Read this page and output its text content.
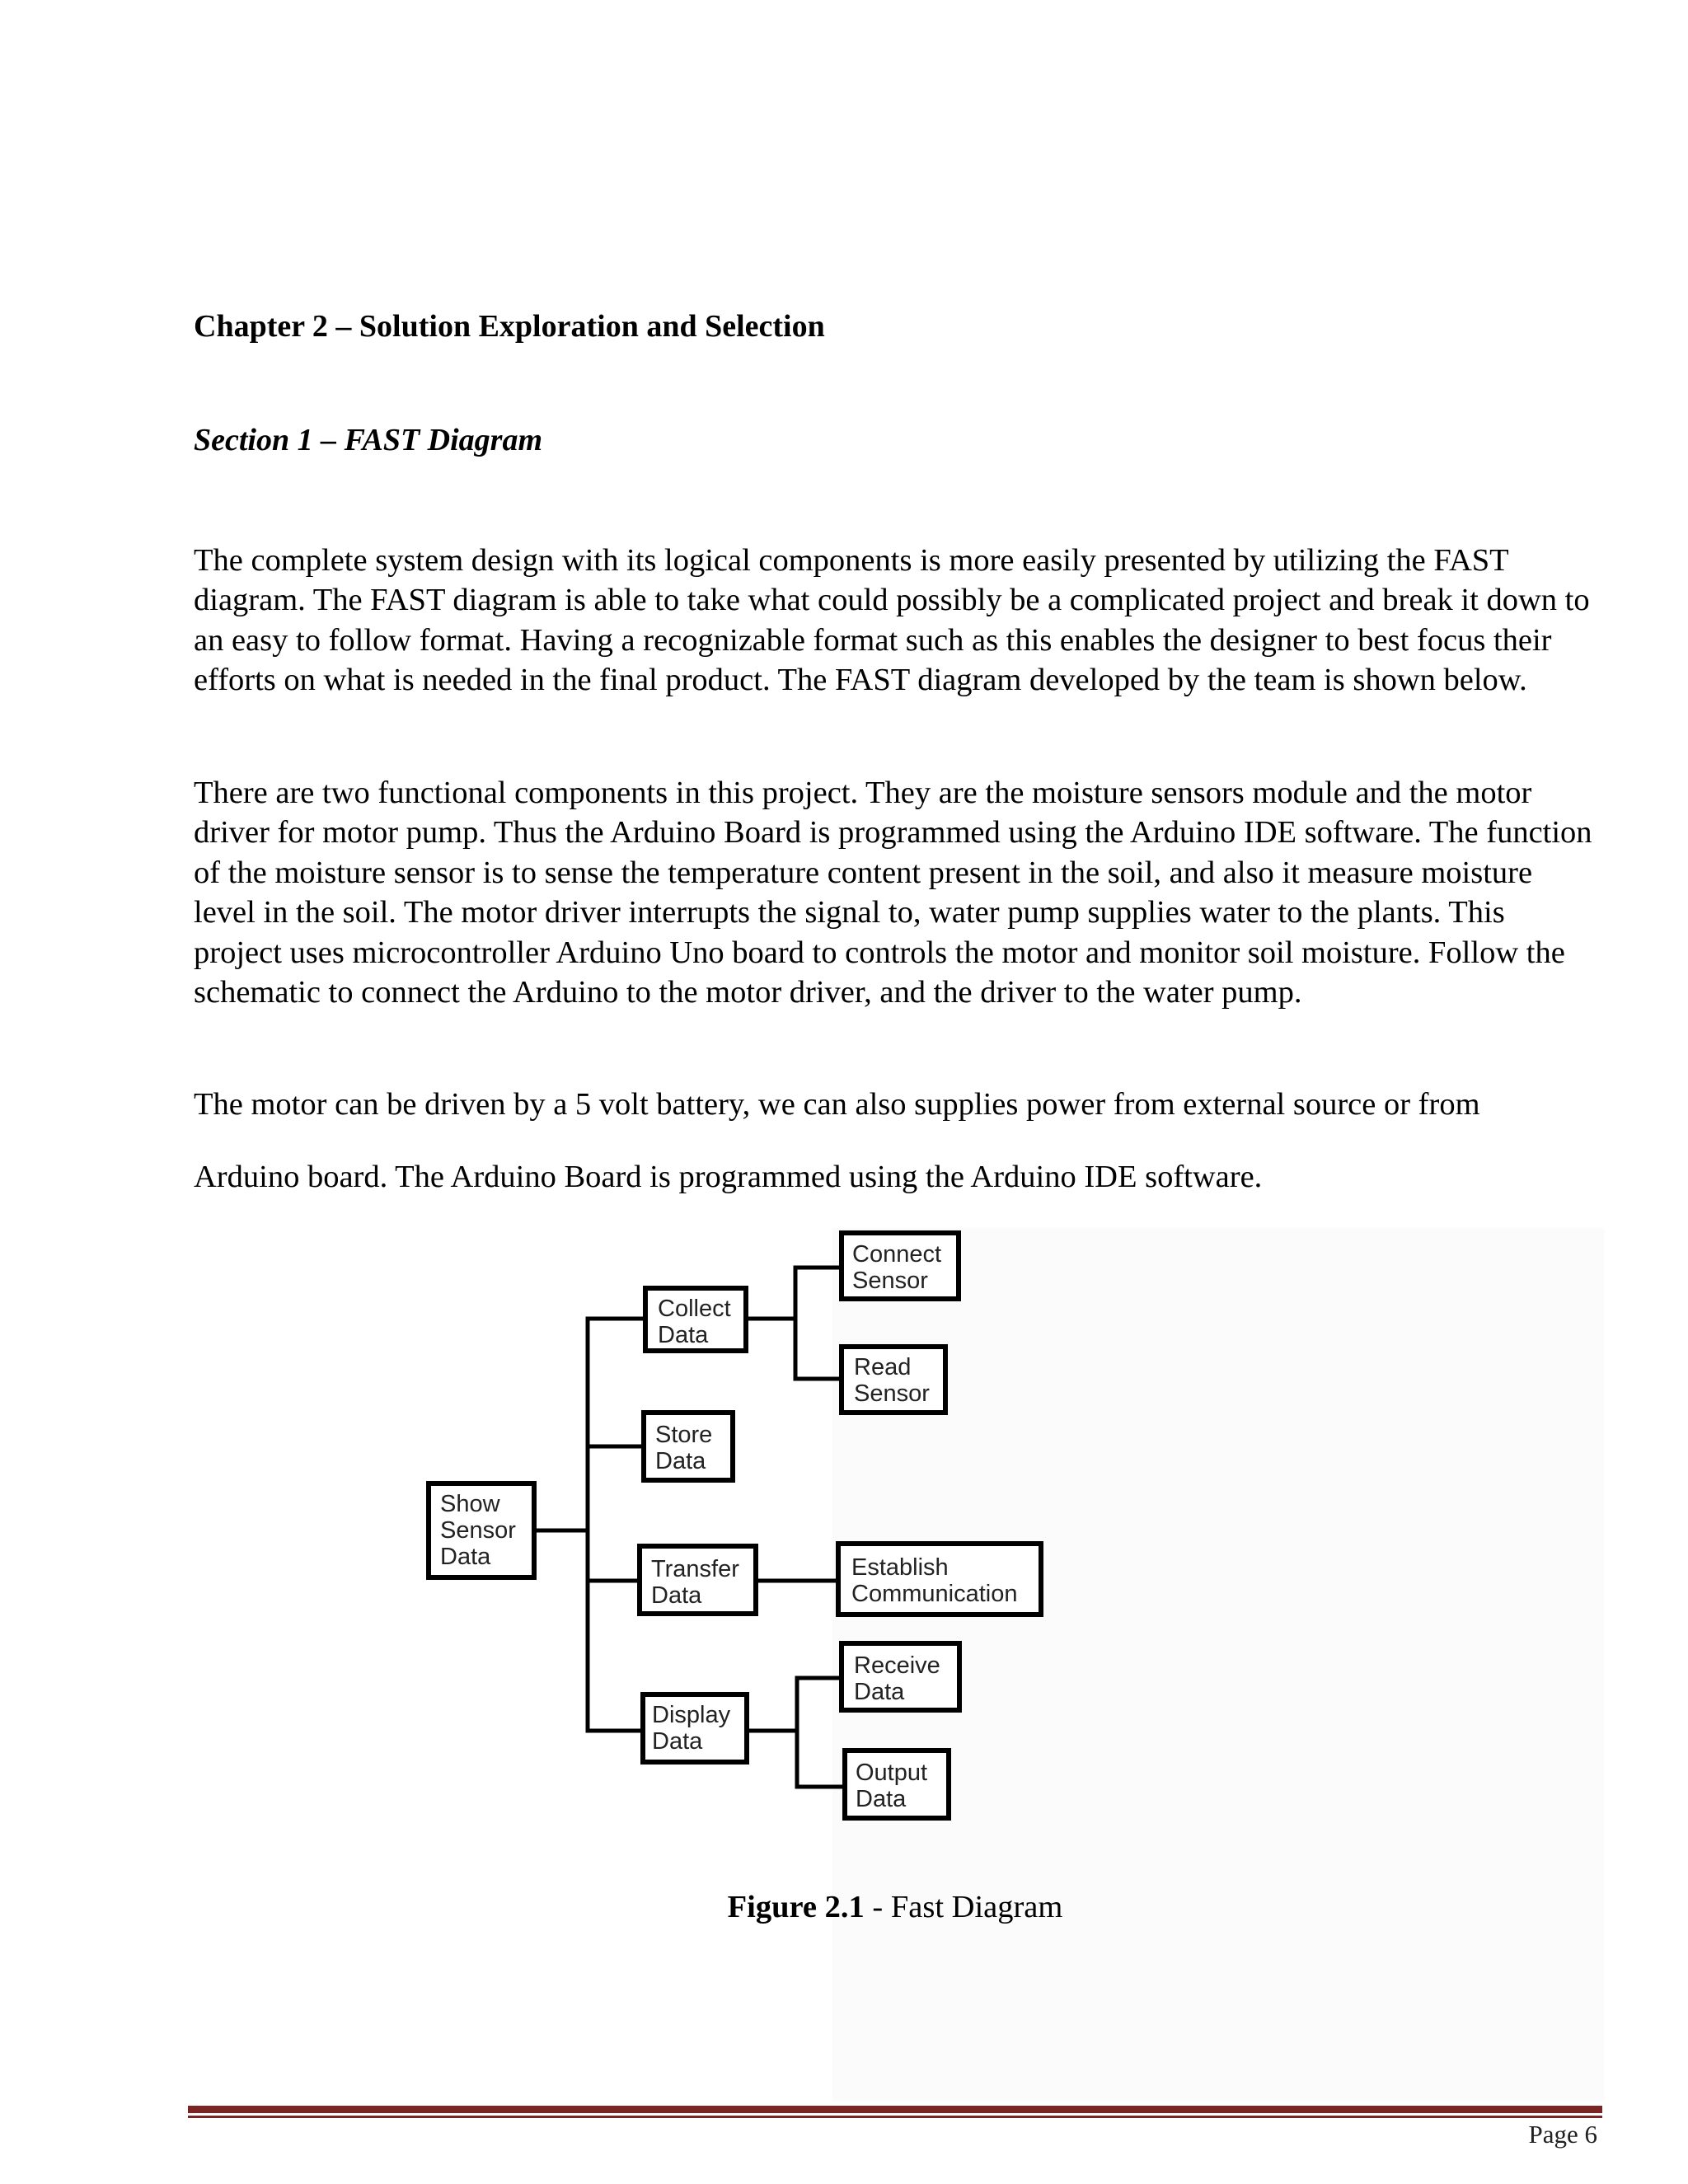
Chapter 2 – Solution Exploration and Selection
Section 1 – FAST Diagram

The complete system design with its logical components is more easily presented by utilizing the FAST diagram. The FAST diagram is able to take what could possibly be a complicated project and break it down to an easy to follow format. Having a recognizable format such as this enables the designer to best focus their efforts on what is needed in the final product. The FAST diagram developed by the team is shown below.

There are two functional components in this project. They are the moisture sensors module and the motor driver for motor pump. Thus the Arduino Board is programmed using the Arduino IDE software. The function of the moisture sensor is to sense the temperature content present in the soil, and also it measure moisture level in the soil. The motor driver interrupts the signal to, water pump supplies water to the plants. This project uses microcontroller Arduino Uno board to controls the motor and monitor soil moisture. Follow the schematic to connect the Arduino to the motor driver, and the driver to the water pump.

The motor can be driven by a 5 volt battery, we can also supplies power from external source or from

Arduino board. The Arduino Board is programmed using the Arduino IDE software.

Show
Sensor
Data
Collect
Data
Store
Data
Transfer
Data
Display
Data
Connect
Sensor
Read
Sensor
Establish
Communication
Receive
Data
Output
Data

Figure 2.1 - Fast Diagram

Page 6
